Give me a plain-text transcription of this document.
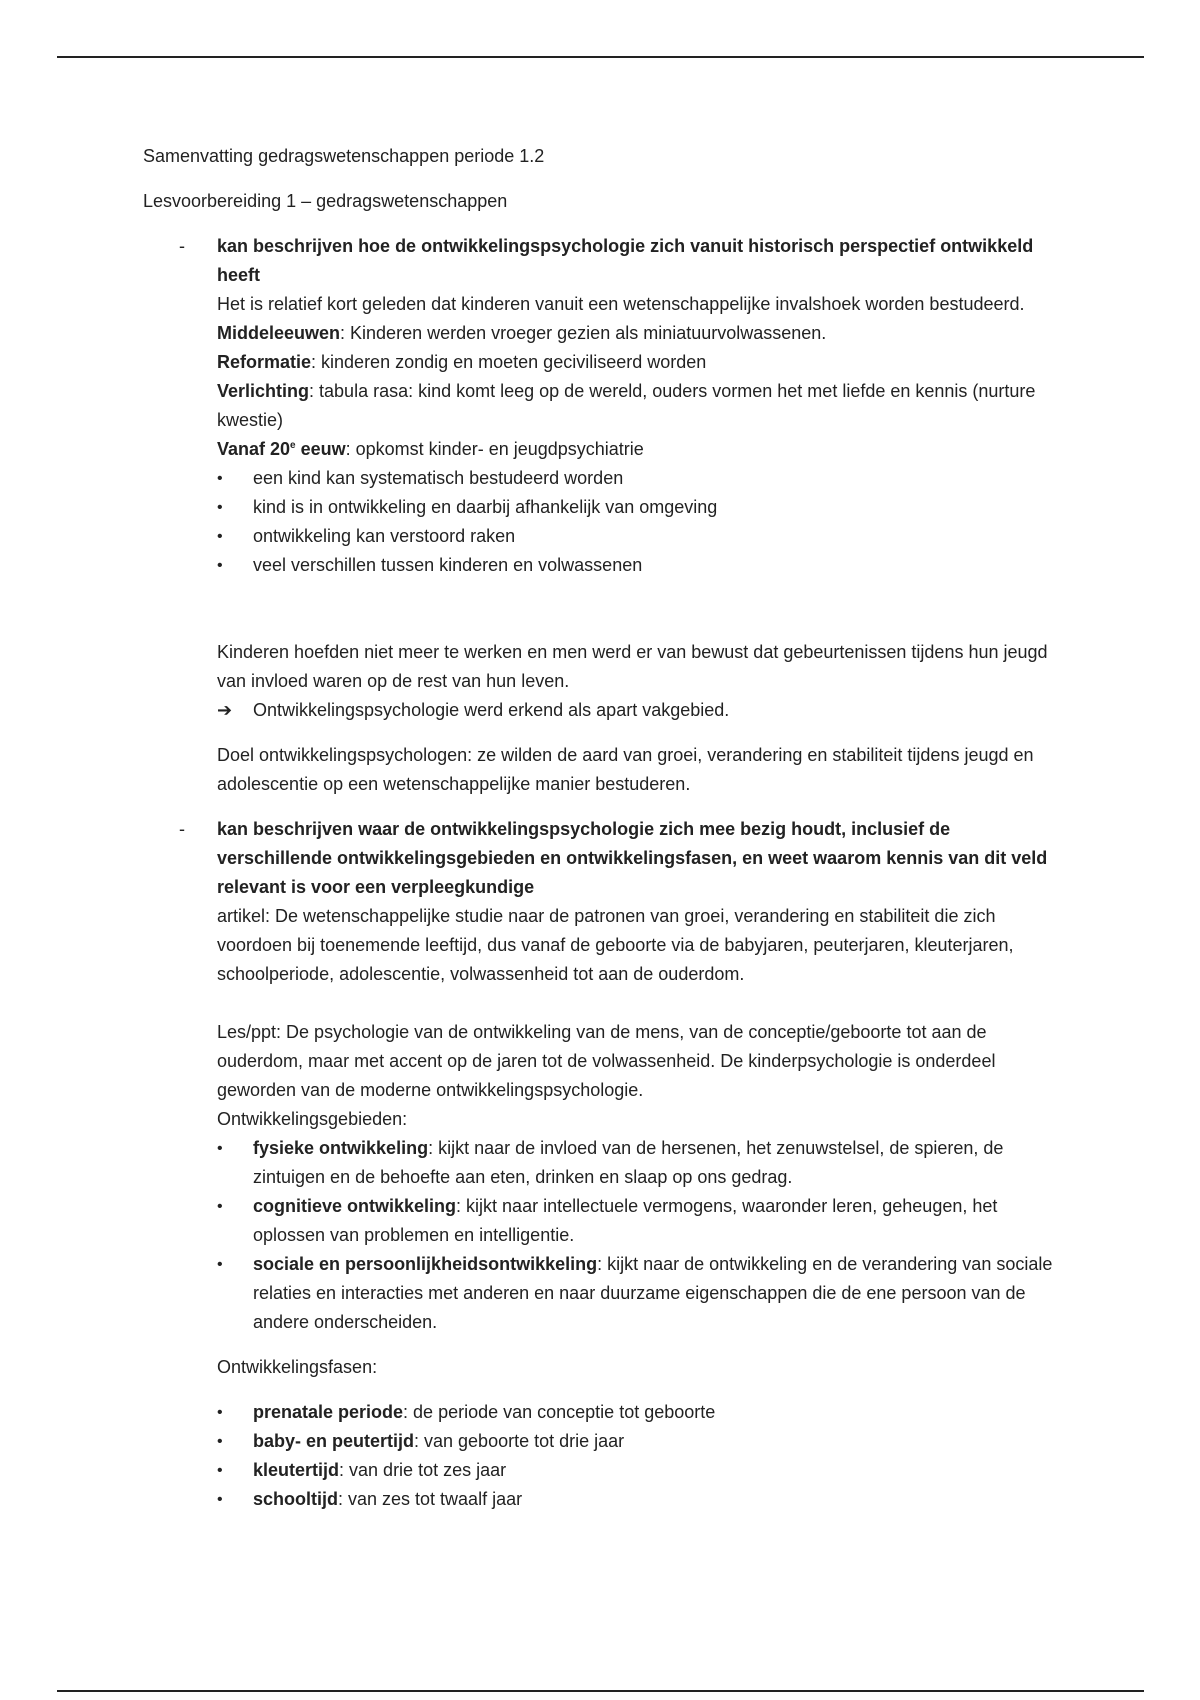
Samenvatting gedragswetenschappen periode 1.2

Lesvoorbereiding 1 – gedragswetenschappen

- kan beschrijven hoe de ontwikkelingspsychologie zich vanuit historisch perspectief ontwikkeld heeft

Het is relatief kort geleden dat kinderen vanuit een wetenschappelijke invalshoek worden bestudeerd.

Middeleeuwen: Kinderen werden vroeger gezien als miniatuurvolwassenen.

Reformatie: kinderen zondig en moeten geciviliseerd worden

Verlichting: tabula rasa: kind komt leeg op de wereld, ouders vormen het met liefde en kennis (nurture kwestie)

Vanaf 20e eeuw: opkomst kinder- en jeugdpsychiatrie

• een kind kan systematisch bestudeerd worden
• kind is in ontwikkeling en daarbij afhankelijk van omgeving
• ontwikkeling kan verstoord raken
• veel verschillen tussen kinderen en volwassenen

Kinderen hoefden niet meer te werken en men werd er van bewust dat gebeurtenissen tijdens hun jeugd van invloed waren op de rest van hun leven.

➔ Ontwikkelingspsychologie werd erkend als apart vakgebied.

Doel ontwikkelingspsychologen: ze wilden de aard van groei, verandering en stabiliteit tijdens jeugd en adolescentie op een wetenschappelijke manier bestuderen.

- kan beschrijven waar de ontwikkelingspsychologie zich mee bezig houdt, inclusief de verschillende ontwikkelingsgebieden en ontwikkelingsfasen, en weet waarom kennis van dit veld relevant is voor een verpleegkundige

artikel: De wetenschappelijke studie naar de patronen van groei, verandering en stabiliteit die zich voordoen bij toenemende leeftijd, dus vanaf de geboorte via de babyjaren, peuterjaren, kleuterjaren, schoolperiode, adolescentie, volwassenheid tot aan de ouderdom.

Les/ppt: De psychologie van de ontwikkeling van de mens, van de conceptie/geboorte tot aan de ouderdom, maar met accent op de jaren tot de volwassenheid. De kinderpsychologie is onderdeel geworden van de moderne ontwikkelingspsychologie.

Ontwikkelingsgebieden:

• fysieke ontwikkeling: kijkt naar de invloed van de hersenen, het zenuwstelsel, de spieren, de zintuigen en de behoefte aan eten, drinken en slaap op ons gedrag.
• cognitieve ontwikkeling: kijkt naar intellectuele vermogens, waaronder leren, geheugen, het oplossen van problemen en intelligentie.
• sociale en persoonlijkheidsontwikkeling: kijkt naar de ontwikkeling en de verandering van sociale relaties en interacties met anderen en naar duurzame eigenschappen die de ene persoon van de andere onderscheiden.

Ontwikkelingsfasen:

• prenatale periode: de periode van conceptie tot geboorte
• baby- en peutertijd: van geboorte tot drie jaar
• kleutertijd: van drie tot zes jaar
• schooltijd: van zes tot twaalf jaar
